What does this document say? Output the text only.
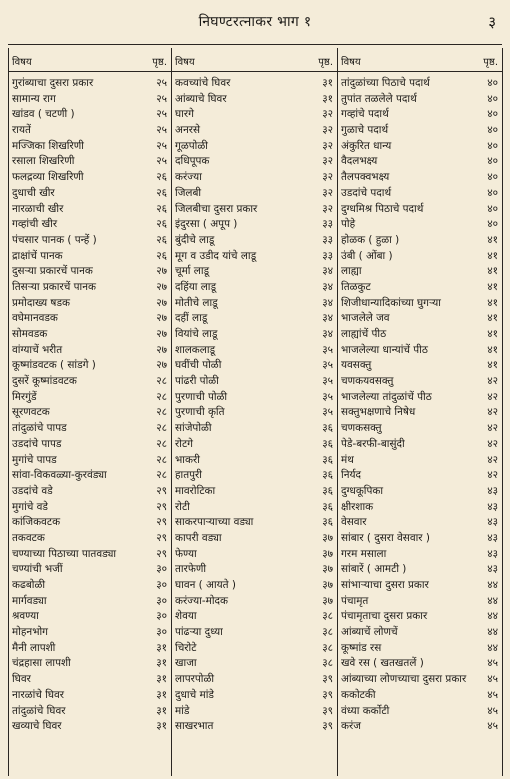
निघण्टरत्नाकर भाग १	३
विषय	पृष्ठ.
गुरांब्याचा दुसरा प्रकार	२५
सामान्य राग	२५
खांडव ( चटणी )	२५
रायतें	२५
मज्जिका शिखरिणी	२५
रसाला शिखरिणी	२५
फलद्रव्या शिखरिणी	२६
दुधाची खीर	२६
नारळाची खीर	२६
गव्हांची खीर	२६
पंचसार पानक ( पन्हें )	२६
द्राक्षांचें पानक	२६
दुसऱ्या प्रकारचें पानक	२७
तिसऱ्या प्रकारचें पानक	२७
प्रमोदाख्य षडक	२७
वघेमानवडक	२७
सोमवडक	२७
वांग्याचें भरीत	२७
कूष्मांडवटक ( सांडगे )	२७
दुसरें कूष्मांडवटक	२८
मिरगुंडें	२८
सूरणवटक	२८
तांदुळांचे पापड	२८
उडदांचे पापड	२८
मुगांचे पापड	२८
सांवा-विकवळ्या-कुरवंड्या	२८
उडदांचे वडे	२९
मुगांचे वडे	२९
कांजिकवटक	२९
तकवटक	२९
चण्याच्या पिठाच्या पातवड्या	२९
चण्यांची भजीं	३०
कढबोळी	३०
मार्गवड्या	३०
श्रवण्या	३०
मोहनभोग	३०
मैनी लापशी	३१
चंद्रहासा लापशी	३१
घिवर	३१
नारळांचे घिवर	३१
तांदुळांचे घिवर	३१
खव्याचे घिवर	३१
विषय	पृष्ठ.
कवच्यांचे घिवर	३१
आंब्याचे घिवर	३१
घारगे	३२
अनरसे	३२
गूळपोळी	३२
दधिपूपक	३२
करंज्या	३२
जिलबी	३२
जिलबीचा दुसरा प्रकार	३२
इंदुरसा ( अपूप )	३३
बुंदीचे लाडू	३३
मूग व उडीद यांचे लाडू	३३
चूर्मा लाडू	३४
दहिंया लाडू	३४
मोतीचे लाडू	३४
दहीं लाडू	३४
वियांचे लाडू	३४
शालकलाडू	३५
घवींची पोळी	३५
पांढरी पोळी	३५
पुरणाची पोळी	३५
पुरणाची कृति	३५
सांजेपोळी	३६
रोटगे	३६
भाकरी	३६
हातपुरी	३६
मावरोटिका	३६
रोटी	३६
साकरपाऱ्याच्या वड्या	३६
कापरी वड्या	३७
फेण्या	३७
तारफेणी	३७
घावन ( आयते )	३७
करंज्या-मोदक	३७
शेवया	३८
पांढऱ्या दुध्या	३८
चिरोटे	३८
खाजा	३८
लापरपोळी	३९
दुधाचे मांडे	३९
मांडे	३९
साखरभात	३९
विषय	पृष्ठ.
तांदुळांच्या पिठाचे पदार्थ	४०
तुपांत तळलेले पदार्थ	४०
गव्हांचे पदार्थ	४०
गुळाचे पदार्थ	४०
अंकुरित धान्य	४०
वैदलभक्ष्य	४०
तैलपक्वभक्ष्य	४०
उडदांचे पदार्थ	४०
दुग्धमिश्र पिठाचे पदार्थ	४०
पोहे	४०
होळक ( हुळा )	४१
उंबी ( ओंबा )	४१
लाह्या	४१
तिळकुट	४१
शिजीधान्यादिकांच्या घुगऱ्या	४१
भाजलेले जव	४१
लाह्यांचें पीठ	४१
भाजलेल्या धान्यांचें पीठ	४१
यवसक्तु	४१
चणकयवसक्तु	४२
भाजलेल्या तांदुळांचें पीठ	४२
सक्तुभक्षणाचे निषेध	४२
चणकसक्तु	४२
पेडे-बरफी-बासुंदी	४२
मंथ	४२
निर्यद	४२
दुग्धकूपिका	४३
क्षीरशाक	४३
वेसवार	४३
सांबार ( दुसरा वेसवार )	४३
गरम मसाला	४३
सांबारें ( आमटी )	४३
सांभाऱ्याचा दुसरा प्रकार	४४
पंचामृत	४४
पंचामृताचा दुसरा प्रकार	४४
आंब्याचें लोणचें	४४
कूष्मांड रस	४४
खवे रस ( खतखतलें )	४५
आंब्याच्या लोणच्याचा दुसरा प्रकार ४५
ककोटकी	४५
वंध्या कर्कोटी	४५
करंज	४५
